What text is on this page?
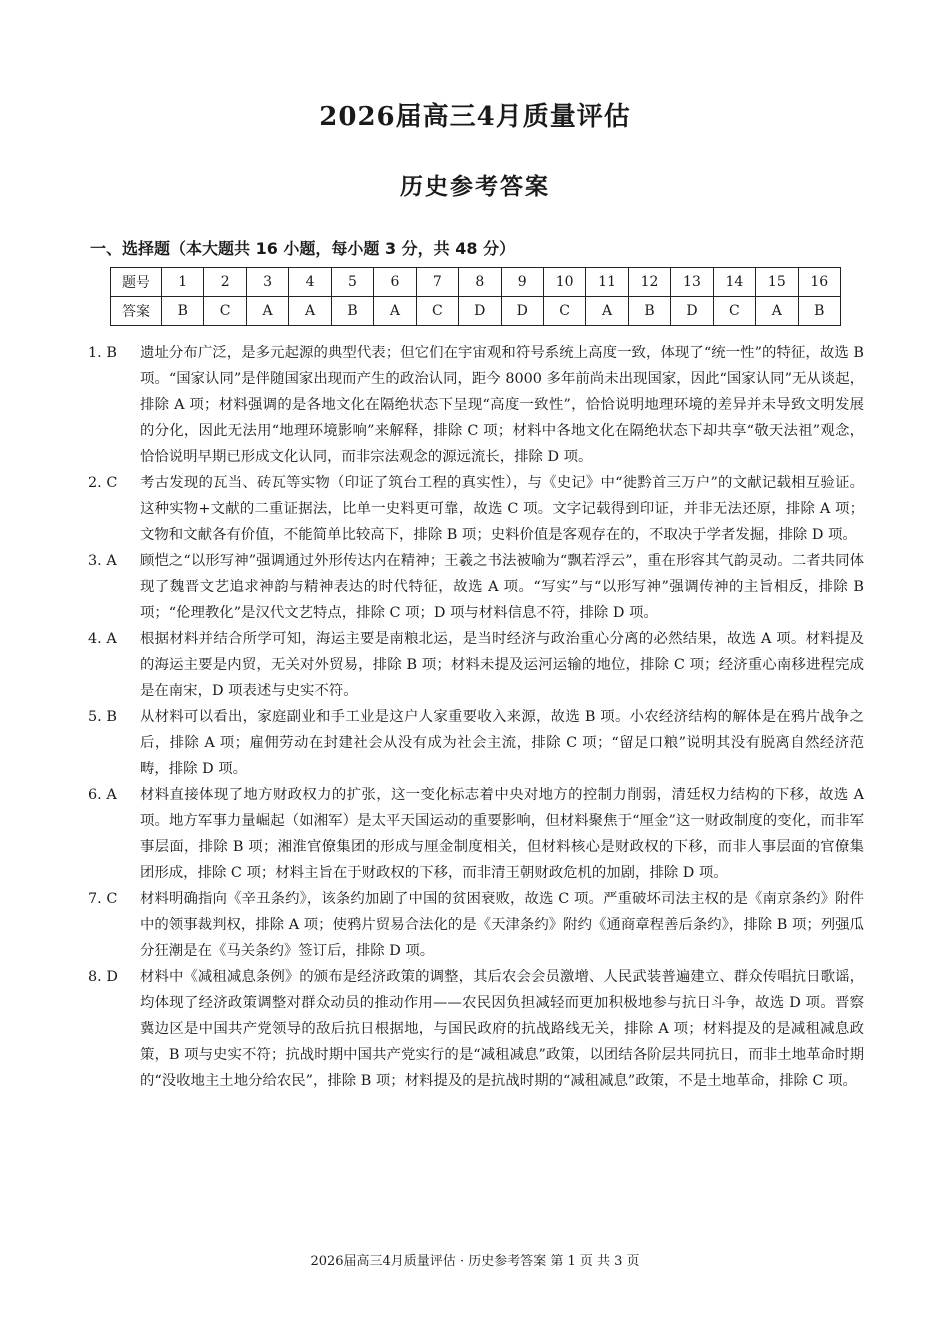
2026届高三4月质量评估
历史参考答案
一、选择题（本大题共 16 小题，每小题 3 分，共 48 分）
题号	1	2	3	4	5	6	7	8	9	10	11	12	13	14	15	16
答案	B	C	A	A	B	A	C	D	D	C	A	B	D	C	A	B
1. B	遗址分布广泛，是多元起源的典型代表；但它们在宇宙观和符号系统上高度一致，体现了“统一性”的特征，故选 B 项。“国家认同”是伴随国家出现而产生的政治认同，距今 8000 多年前尚未出现国家，因此“国家认同”无从谈起，排除 A 项；材料强调的是各地文化在隔绝状态下呈现“高度一致性”，恰恰说明地理环境的差异并未导致文明发展的分化，因此无法用“地理环境影响”来解释，排除 C 项；材料中各地文化在隔绝状态下却共享“敬天法祖”观念，恰恰说明早期已形成文化认同，而非宗法观念的源远流长，排除 D 项。
2. C	考古发现的瓦当、砖瓦等实物（印证了筑台工程的真实性），与《史记》中“徙黔首三万户”的文献记载相互验证。这种实物+文献的二重证据法，比单一史料更可靠，故选 C 项。文字记载得到印证，并非无法还原，排除 A 项；文物和文献各有价值，不能简单比较高下，排除 B 项；史料价值是客观存在的，不取决于学者发掘，排除 D 项。
3. A	顾恺之“以形写神”强调通过外形传达内在精神；王羲之书法被喻为“飘若浮云”，重在形容其气韵灵动。二者共同体现了魏晋文艺追求神韵与精神表达的时代特征，故选 A 项。“写实”与“以形写神”强调传神的主旨相反，排除 B 项；“伦理教化”是汉代文艺特点，排除 C 项；D 项与材料信息不符，排除 D 项。
4. A	根据材料并结合所学可知，海运主要是南粮北运，是当时经济与政治重心分离的必然结果，故选 A 项。材料提及的海运主要是内贸，无关对外贸易，排除 B 项；材料未提及运河运输的地位，排除 C 项；经济重心南移进程完成是在南宋，D 项表述与史实不符。
5. B	从材料可以看出，家庭副业和手工业是这户人家重要收入来源，故选 B 项。小农经济结构的解体是在鸦片战争之后，排除 A 项；雇佣劳动在封建社会从没有成为社会主流，排除 C 项；“留足口粮”说明其没有脱离自然经济范畴，排除 D 项。
6. A	材料直接体现了地方财政权力的扩张，这一变化标志着中央对地方的控制力削弱，清廷权力结构的下移，故选 A 项。地方军事力量崛起（如湘军）是太平天国运动的重要影响，但材料聚焦于“厘金”这一财政制度的变化，而非军事层面，排除 B 项；湘淮官僚集团的形成与厘金制度相关，但材料核心是财政权的下移，而非人事层面的官僚集团形成，排除 C 项；材料主旨在于财政权的下移，而非清王朝财政危机的加剧，排除 D 项。
7. C	材料明确指向《辛丑条约》，该条约加剧了中国的贫困衰败，故选 C 项。严重破坏司法主权的是《南京条约》附件中的领事裁判权，排除 A 项；使鸦片贸易合法化的是《天津条约》附约《通商章程善后条约》，排除 B 项；列强瓜分狂潮是在《马关条约》签订后，排除 D 项。
8. D	材料中《减租减息条例》的颁布是经济政策的调整，其后农会会员激增、人民武装普遍建立、群众传唱抗日歌谣，均体现了经济政策调整对群众动员的推动作用——农民因负担减轻而更加积极地参与抗日斗争，故选 D 项。晋察冀边区是中国共产党领导的敌后抗日根据地，与国民政府的抗战路线无关，排除 A 项；材料提及的是减租减息政策，B 项与史实不符；抗战时期中国共产党实行的是“减租减息”政策，以团结各阶层共同抗日，而非土地革命时期的“没收地主土地分给农民”，排除 B 项；材料提及的是抗战时期的“减租减息”政策，不是土地革命，排除 C 项。
2026届高三4月质量评估 · 历史参考答案 第 1 页 共 3 页
